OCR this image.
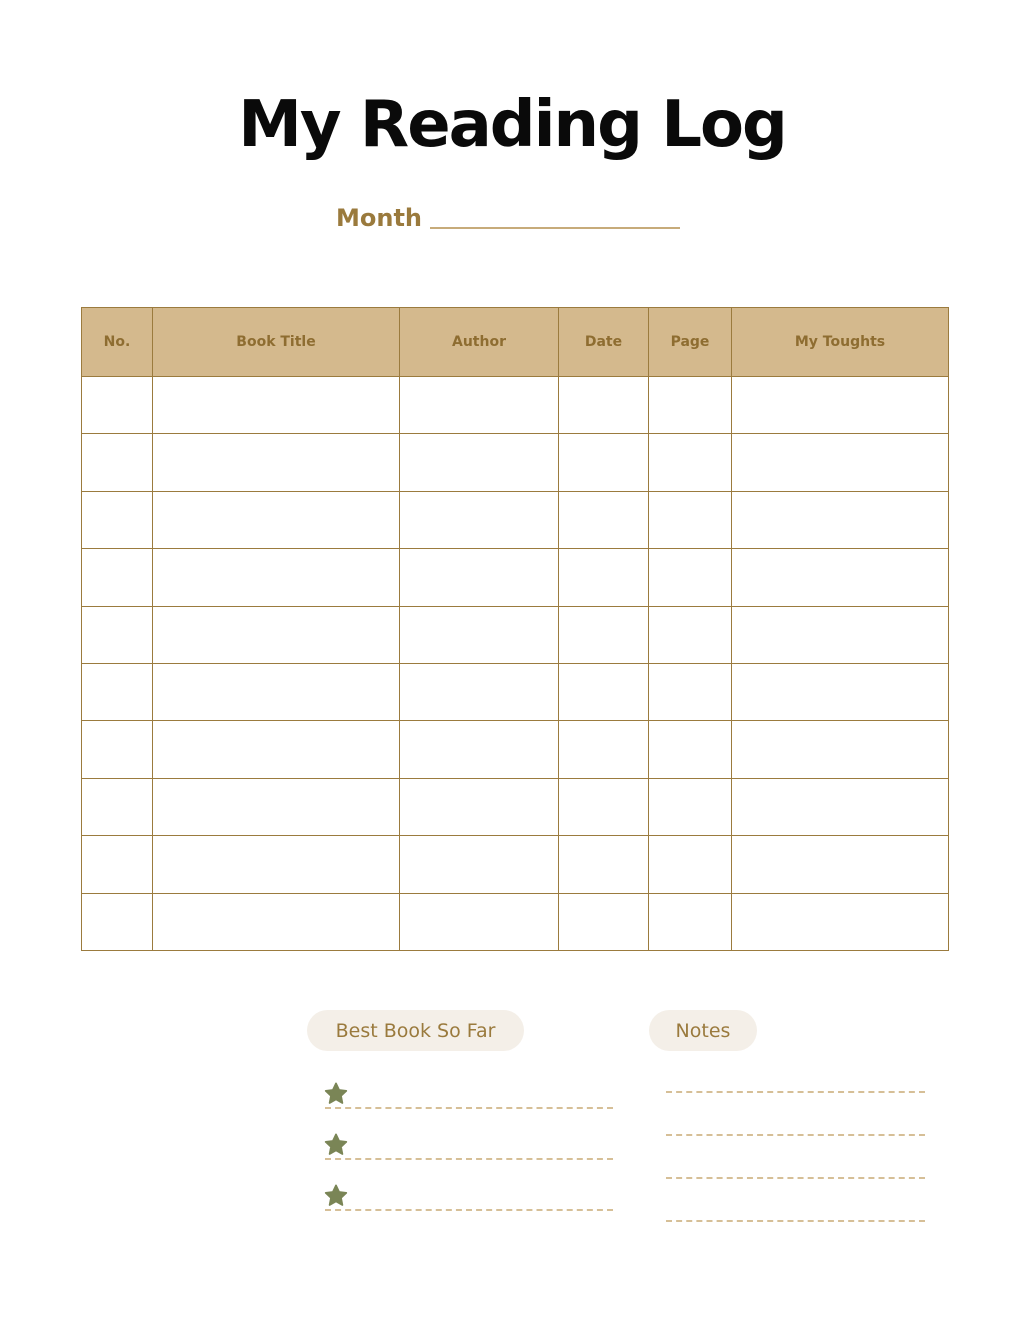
My Reading Log
Month
No.	Book Title	Author	Date	Page	My Toughts

Best Book So Far	Notes
